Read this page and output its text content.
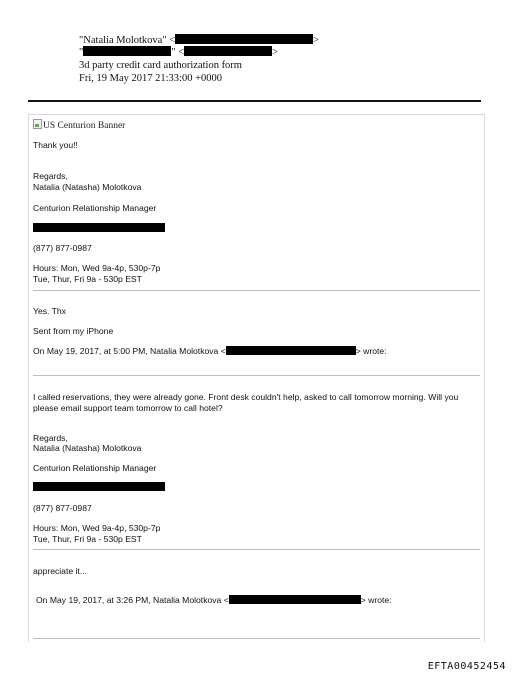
"Natalia Molotkova" <	>
"	" <	>
3d party credit card authorization form
Fri, 19 May 2017 21:33:00 +0000
US Centurion Banner
Thank you!!
Regards,
Natalia (Natasha) Molotkova
Centurion Relationship Manager
(877) 877-0987
Hours: Mon, Wed 9a-4p, 530p-7p
Tue, Thur, Fri 9a - 530p EST
Yes. Thx
Sent from my iPhone
On May 19, 2017, at 5:00 PM, Natalia Molotkova <	> wrote:
I called reservations, they were already gone. Front desk couldn't help, asked to call tomorrow morning. Will you
please email support team tomorrow to call hotel?
Regards,
Natalia (Natasha) Molotkova
Centurion Relationship Manager
(877) 877-0987
Hours: Mon, Wed 9a-4p, 530p-7p
Tue, Thur, Fri 9a - 530p EST
appreciate it...
On May 19, 2017, at 3:26 PM, Natalia Molotkova <	> wrote:
EFTA00452454
